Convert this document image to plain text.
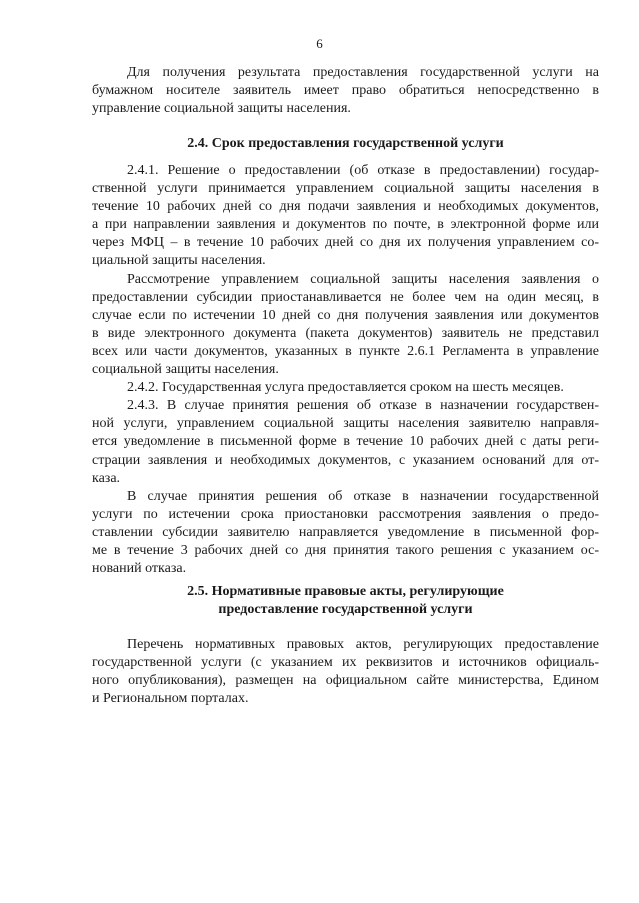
6
Для получения результата предоставления государственной услуги на
бумажном носителе заявитель имеет право обратиться непосредственно в
управление социальной защиты населения.
2.4. Срок предоставления государственной услуги
2.4.1. Решение о предоставлении (об отказе в предоставлении) государ-
ственной услуги принимается управлением социальной защиты населения в
течение 10 рабочих дней со дня подачи заявления и необходимых документов,
а при направлении заявления и документов по почте, в электронной форме или
через МФЦ – в течение 10 рабочих дней со дня их получения управлением со-
циальной защиты населения.
Рассмотрение управлением социальной защиты населения заявления о
предоставлении субсидии приостанавливается не более чем на один месяц, в
случае если по истечении 10 дней со дня получения заявления или документов
в виде электронного документа (пакета документов) заявитель не представил
всех или части документов, указанных в пункте 2.6.1 Регламента в управление
социальной защиты населения.
2.4.2. Государственная услуга предоставляется сроком на шесть месяцев.
2.4.3. В случае принятия решения об отказе в назначении государствен-
ной услуги, управлением социальной защиты населения заявителю направля-
ется уведомление в письменной форме в течение 10 рабочих дней с даты реги-
страции заявления и необходимых документов, с указанием оснований для от-
каза.
В случае принятия решения об отказе в назначении государственной
услуги по истечении срока приостановки рассмотрения заявления о предо-
ставлении субсидии заявителю направляется уведомление в письменной фор-
ме в течение 3 рабочих дней со дня принятия такого решения с указанием ос-
нований отказа.
2.5. Нормативные правовые акты, регулирующие
предоставление государственной услуги
Перечень нормативных правовых актов, регулирующих предоставление
государственной услуги (с указанием их реквизитов и источников официаль-
ного опубликования), размещен на официальном сайте министерства, Едином
и Региональном порталах.
